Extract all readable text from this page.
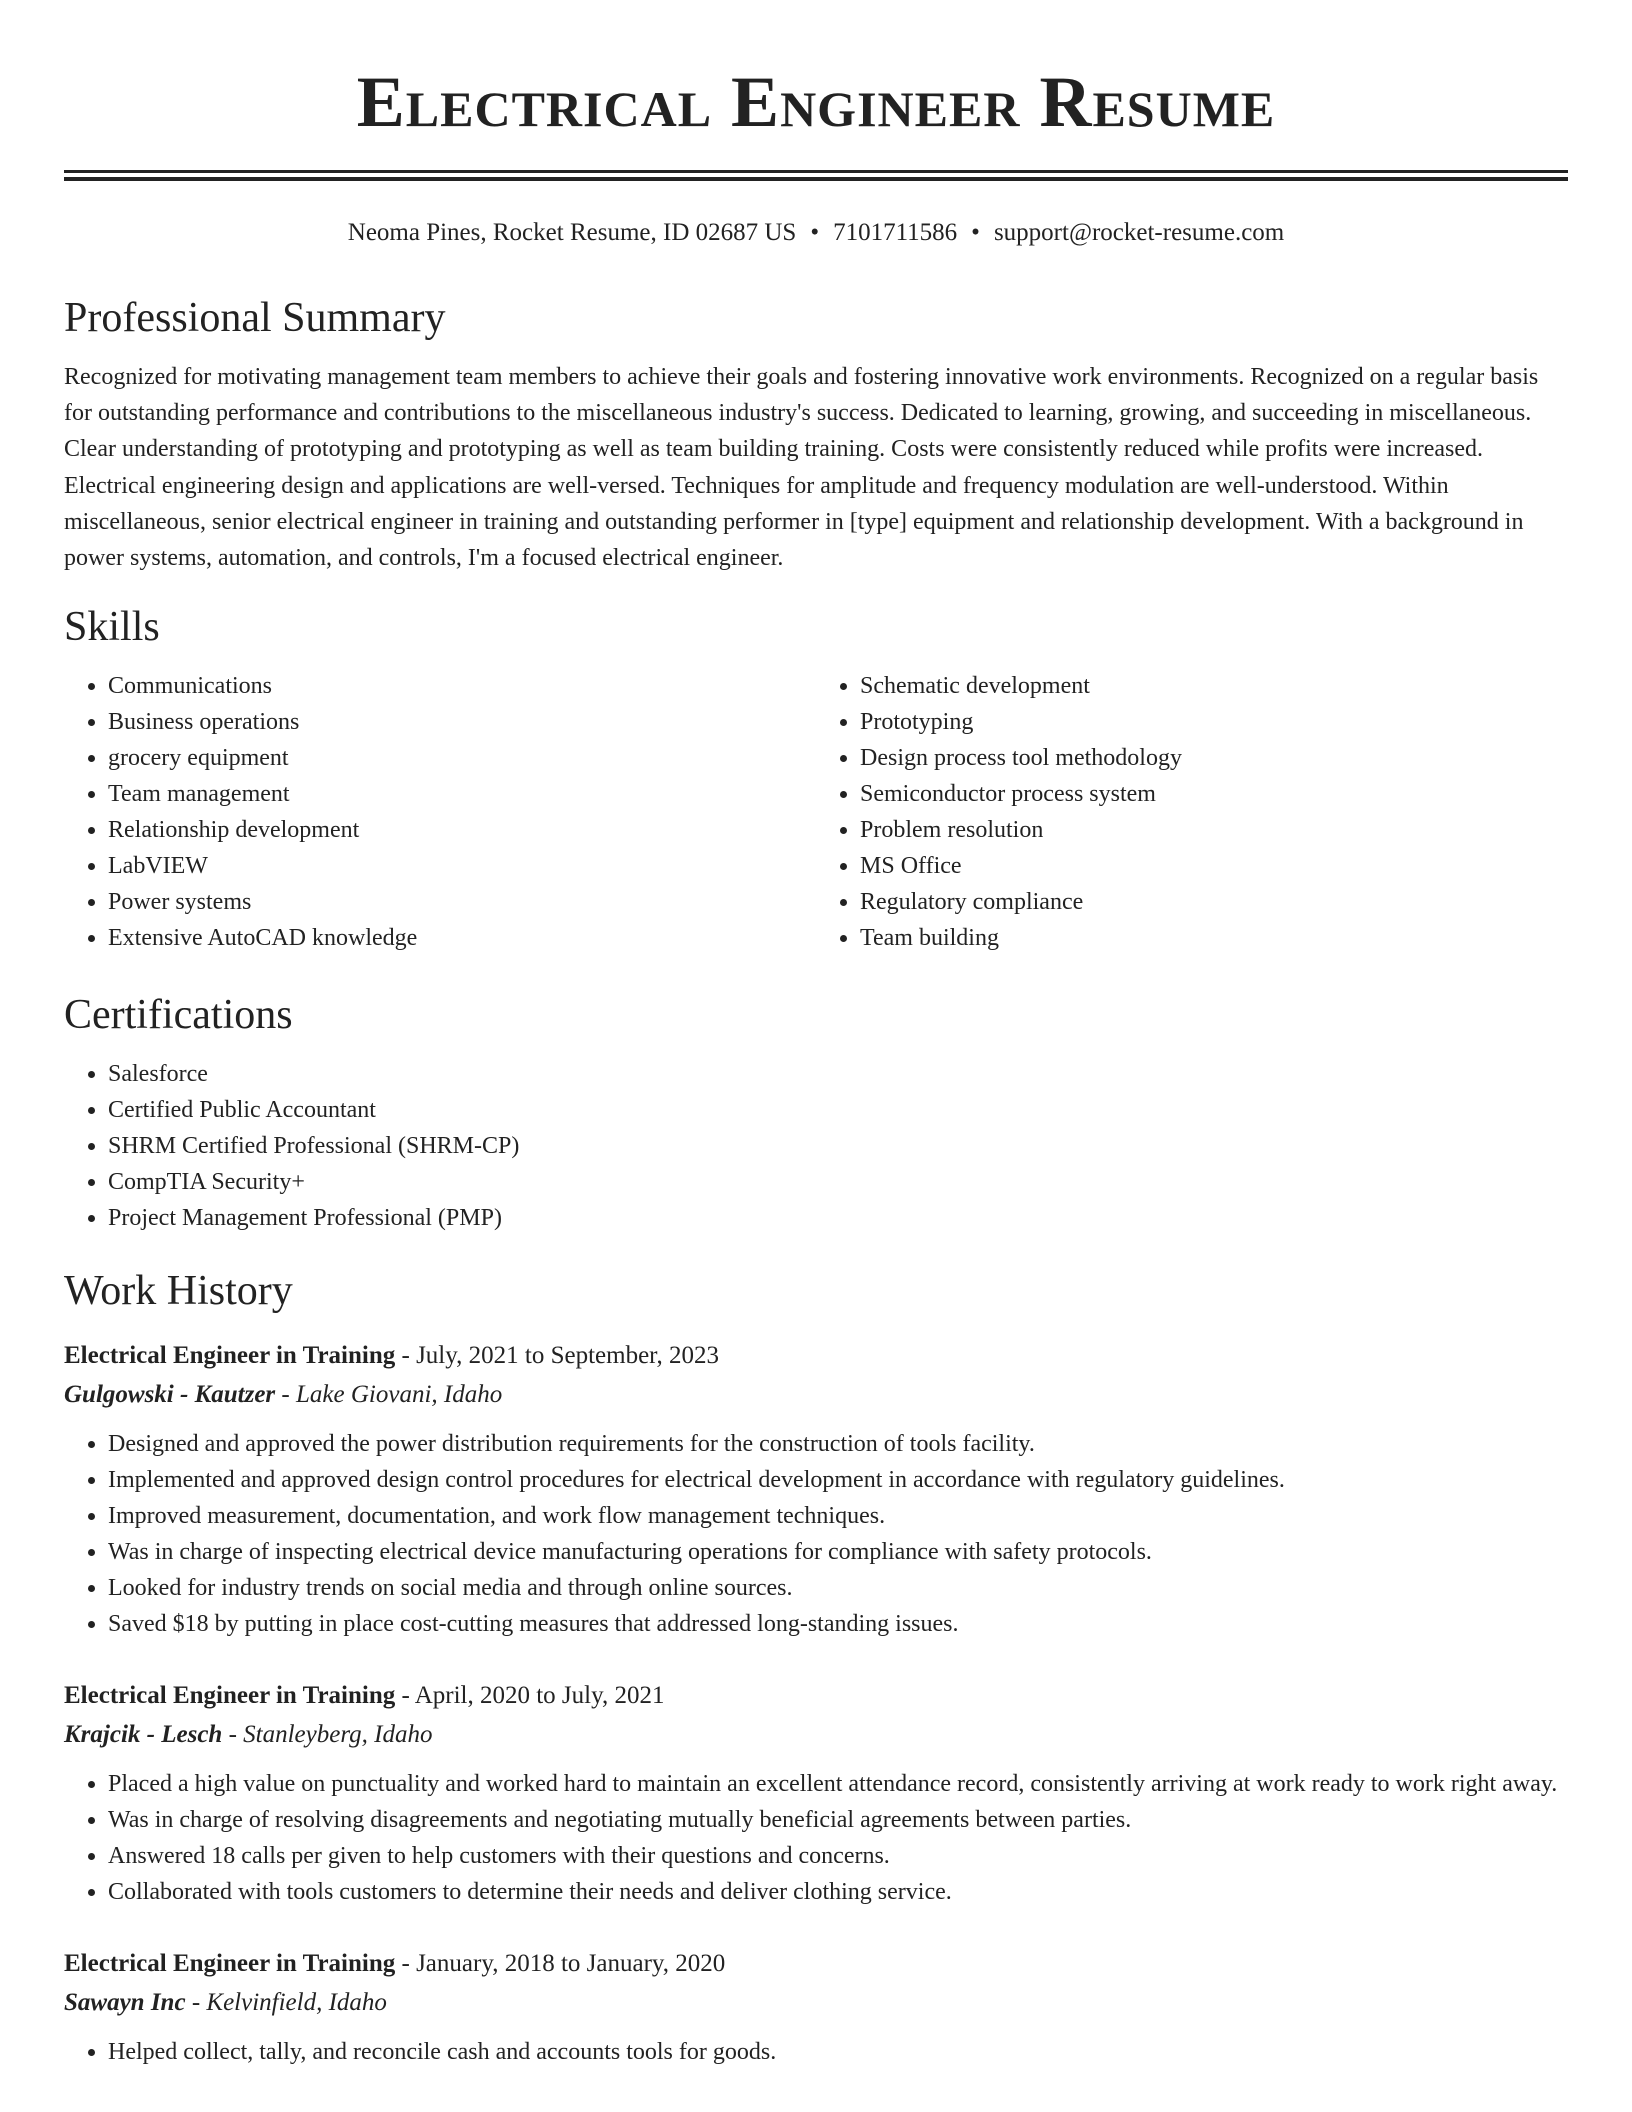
Electrical Engineer Resume
Neoma Pines, Rocket Resume, ID 02687 US • 7101711586 • support@rocket-resume.com
Professional Summary

Recognized for motivating management team members to achieve their goals and fostering innovative work environments. Recognized on a regular basis for outstanding performance and contributions to the miscellaneous industry's success. Dedicated to learning, growing, and succeeding in miscellaneous. Clear understanding of prototyping and prototyping as well as team building training. Costs were consistently reduced while profits were increased. Electrical engineering design and applications are well-versed. Techniques for amplitude and frequency modulation are well-understood. Within miscellaneous, senior electrical engineer in training and outstanding performer in [type] equipment and relationship development. With a background in power systems, automation, and controls, I'm a focused electrical engineer.

Skills
• Communications
• Business operations
• grocery equipment
• Team management
• Relationship development
• LabVIEW
• Power systems
• Extensive AutoCAD knowledge
• Schematic development
• Prototyping
• Design process tool methodology
• Semiconductor process system
• Problem resolution
• MS Office
• Regulatory compliance
• Team building
Certifications
• Salesforce
• Certified Public Accountant
• SHRM Certified Professional (SHRM-CP)
• CompTIA Security+
• Project Management Professional (PMP)
Work History
Electrical Engineer in Training - July, 2021 to September, 2023
Gulgowski - Kautzer - Lake Giovani, Idaho
• Designed and approved the power distribution requirements for the construction of tools facility.
• Implemented and approved design control procedures for electrical development in accordance with regulatory guidelines.
• Improved measurement, documentation, and work flow management techniques.
• Was in charge of inspecting electrical device manufacturing operations for compliance with safety protocols.
• Looked for industry trends on social media and through online sources.
• Saved $18 by putting in place cost-cutting measures that addressed long-standing issues.
Electrical Engineer in Training - April, 2020 to July, 2021
Krajcik - Lesch - Stanleyberg, Idaho
• Placed a high value on punctuality and worked hard to maintain an excellent attendance record, consistently arriving at work ready to work right away.
• Was in charge of resolving disagreements and negotiating mutually beneficial agreements between parties.
• Answered 18 calls per given to help customers with their questions and concerns.
• Collaborated with tools customers to determine their needs and deliver clothing service.
Electrical Engineer in Training - January, 2018 to January, 2020
Sawayn Inc - Kelvinfield, Idaho
• Helped collect, tally, and reconcile cash and accounts tools for goods.
